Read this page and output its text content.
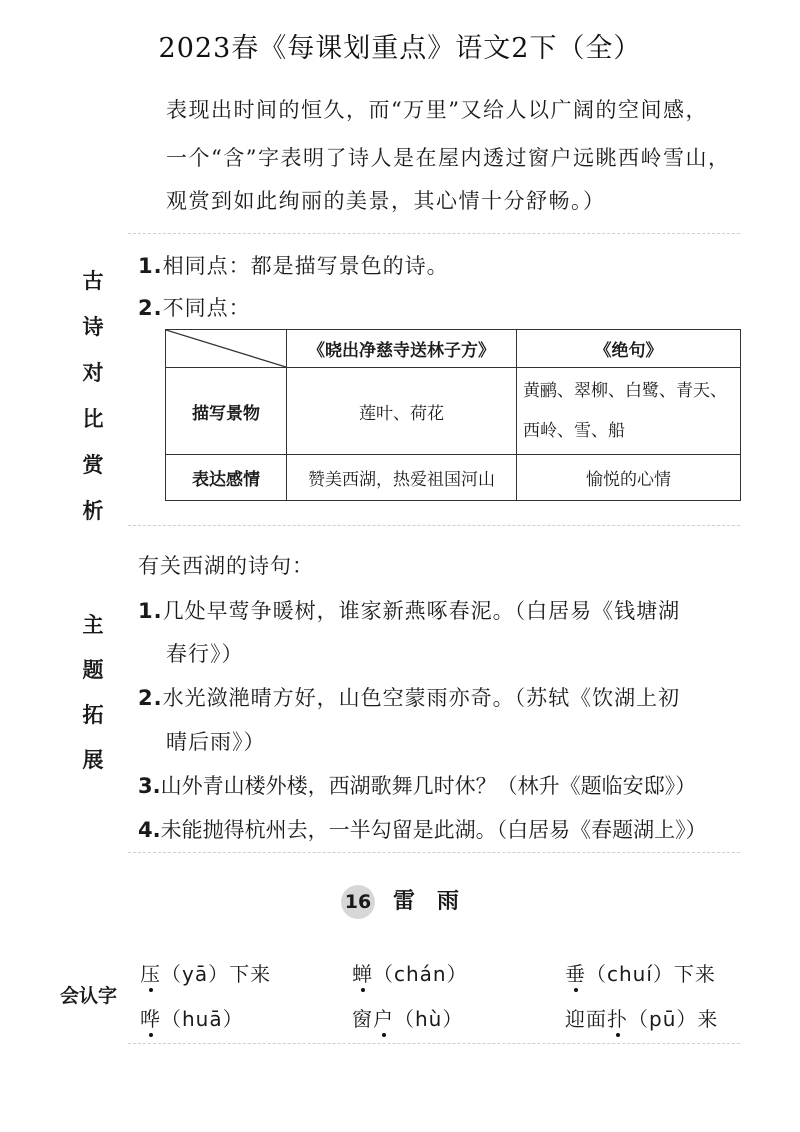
2023春《每课划重点》语文2下（全）
表现出时间的恒久，而“万里”又给人以广阔的空间感，
一个“含”字表明了诗人是在屋内透过窗户远眺西岭雪山，
观赏到如此绚丽的美景，其心情十分舒畅。）
古
诗
对
比
赏
析
1.相同点：都是描写景色的诗。
2.不同点：
	《晓出净慈寺送林子方》	《绝句》
描写景物	莲叶、荷花	黄鹂、翠柳、白鹭、青天、
西岭、雪、船

表达感情	赞美西湖，热爱祖国河山	愉悦的心情
主
题
拓
展
有关西湖的诗句：
1.几处早莺争暖树，谁家新燕啄春泥。（白居易《钱塘湖
春行》）
2.水光潋滟晴方好，山色空蒙雨亦奇。（苏轼《饮湖上初
晴后雨》）
3.山外青山楼外楼，西湖歌舞几时休？（林升《题临安邸》）
4.未能抛得杭州去，一半勾留是此湖。（白居易《春题湖上》）
16 雷　雨
会认字
压（yā）下来	蝉（chán）	垂（chuí）下来
哗（huā）	窗户（hù）	迎面扑（pū）来
